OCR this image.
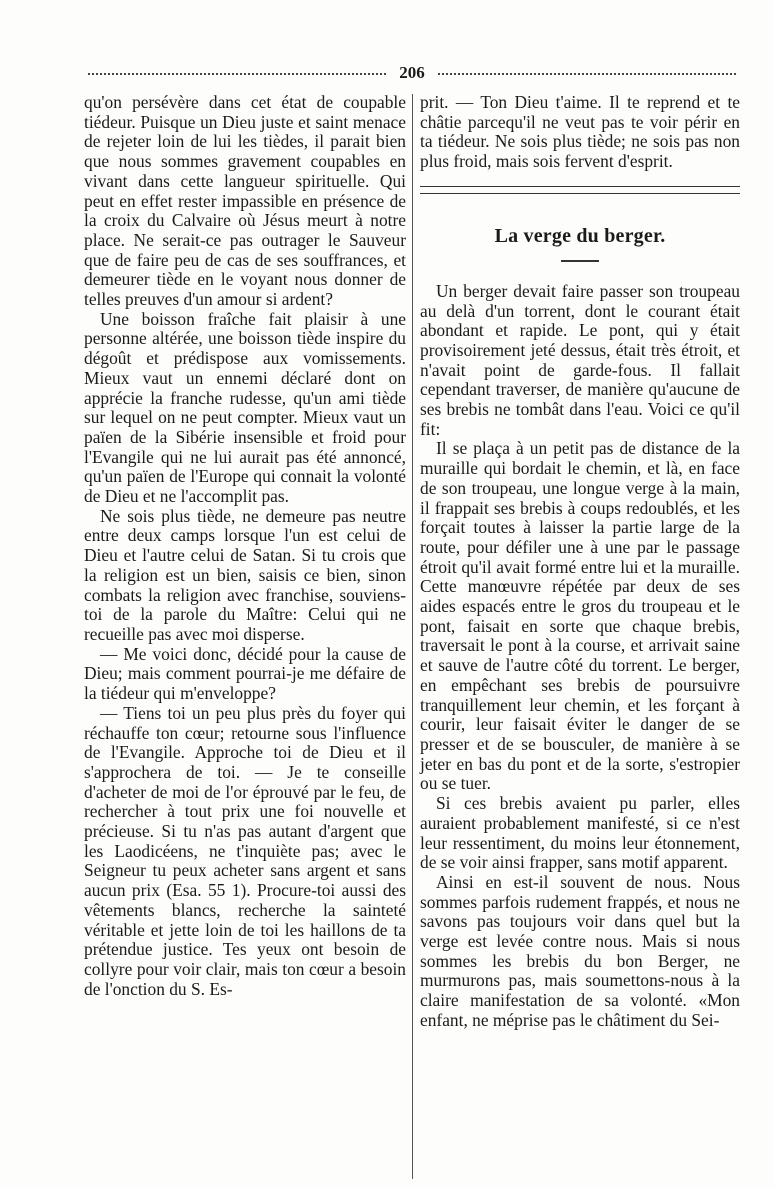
206

qu'on persévère dans cet état de coupable tiédeur. Puisque un Dieu juste et saint menace de rejeter loin de lui les tièdes, il parait bien que nous sommes gravement coupables en vivant dans cette langueur spirituelle. Qui peut en effet rester impassible en présence de la croix du Calvaire où Jésus meurt à notre place. Ne serait-ce pas outrager le Sauveur que de faire peu de cas de ses souffrances, et demeurer tiède en le voyant nous donner de telles preuves d'un amour si ardent?

Une boisson fraîche fait plaisir à une personne altérée, une boisson tiède inspire du dégoût et prédispose aux vomissements. Mieux vaut un ennemi déclaré dont on apprécie la franche rudesse, qu'un ami tiède sur lequel on ne peut compter. Mieux vaut un païen de la Sibérie insensible et froid pour l'Evangile qui ne lui aurait pas été annoncé, qu'un païen de l'Europe qui connait la volonté de Dieu et ne l'accomplit pas.

Ne sois plus tiède, ne demeure pas neutre entre deux camps lorsque l'un est celui de Dieu et l'autre celui de Satan. Si tu crois que la religion est un bien, saisis ce bien, sinon combats la religion avec franchise, souviens-toi de la parole du Maître: Celui qui ne recueille pas avec moi disperse.

— Me voici donc, décidé pour la cause de Dieu; mais comment pourrai-je me défaire de la tiédeur qui m'enveloppe?

— Tiens toi un peu plus près du foyer qui réchauffe ton cœur; retourne sous l'influence de l'Evangile. Approche toi de Dieu et il s'approchera de toi. — Je te conseille d'acheter de moi de l'or éprouvé par le feu, de rechercher à tout prix une foi nouvelle et précieuse. Si tu n'as pas autant d'argent que les Laodicéens, ne t'inquiète pas; avec le Seigneur tu peux acheter sans argent et sans aucun prix (Esa. 55 1). Procure-toi aussi des vêtements blancs, recherche la sainteté véritable et jette loin de toi les haillons de ta prétendue justice. Tes yeux ont besoin de collyre pour voir clair, mais ton cœur a besoin de l'onction du S. Es-

prit. — Ton Dieu t'aime. Il te reprend et te châtie parcequ'il ne veut pas te voir périr en ta tiédeur. Ne sois plus tiède; ne sois pas non plus froid, mais sois fervent d'esprit.

La verge du berger.

Un berger devait faire passer son troupeau au delà d'un torrent, dont le courant était abondant et rapide. Le pont, qui y était provisoirement jeté dessus, était très étroit, et n'avait point de garde-fous. Il fallait cependant traverser, de manière qu'aucune de ses brebis ne tombât dans l'eau. Voici ce qu'il fit:

Il se plaça à un petit pas de distance de la muraille qui bordait le chemin, et là, en face de son troupeau, une longue verge à la main, il frappait ses brebis à coups redoublés, et les forçait toutes à laisser la partie large de la route, pour défiler une à une par le passage étroit qu'il avait formé entre lui et la muraille. Cette manœuvre répétée par deux de ses aides espacés entre le gros du troupeau et le pont, faisait en sorte que chaque brebis, traversait le pont à la course, et arrivait saine et sauve de l'autre côté du torrent. Le berger, en empêchant ses brebis de poursuivre tranquillement leur chemin, et les forçant à courir, leur faisait éviter le danger de se presser et de se bousculer, de manière à se jeter en bas du pont et de la sorte, s'estropier ou se tuer.

Si ces brebis avaient pu parler, elles auraient probablement manifesté, si ce n'est leur ressentiment, du moins leur étonnement, de se voir ainsi frapper, sans motif apparent.

Ainsi en est-il souvent de nous. Nous sommes parfois rudement frappés, et nous ne savons pas toujours voir dans quel but la verge est levée contre nous. Mais si nous sommes les brebis du bon Berger, ne murmurons pas, mais soumettons-nous à la claire manifestation de sa volonté. «Mon enfant, ne méprise pas le châtiment du Sei-
